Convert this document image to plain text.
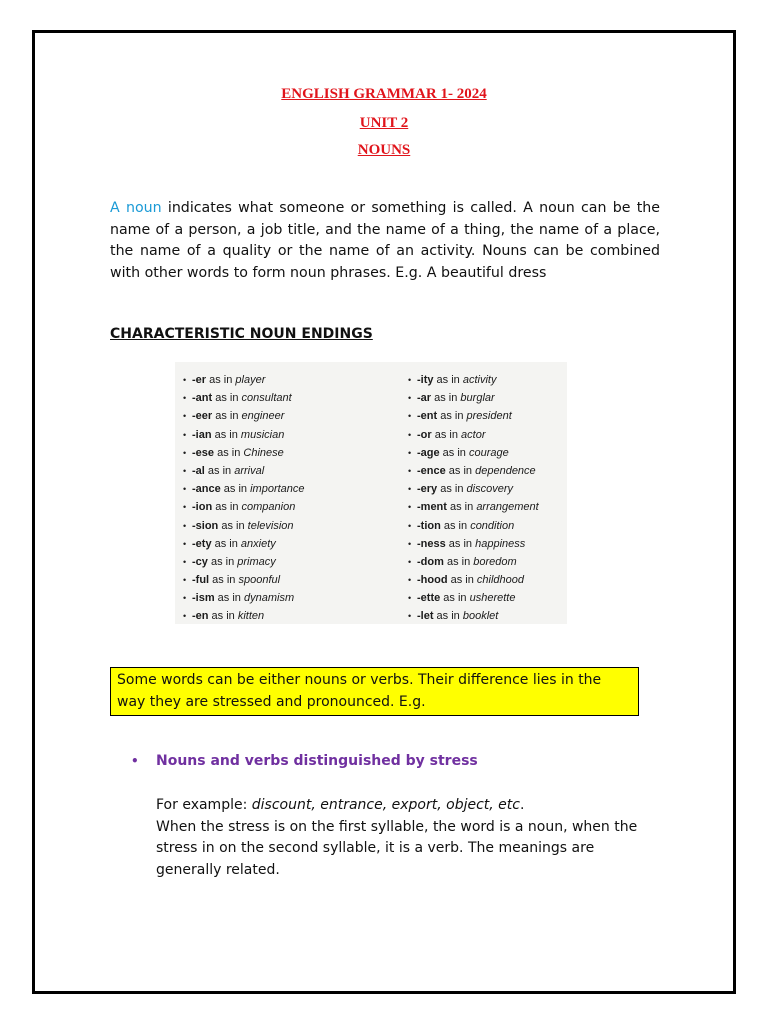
ENGLISH GRAMMAR 1- 2024
UNIT 2
NOUNS
A noun indicates what someone or something is called. A noun can be the name of a person, a job title, and the name of a thing, the name of a place, the name of a quality or the name of an activity. Nouns can be combined with other words to form noun phrases. E.g. A beautiful dress
CHARACTERISTIC NOUN ENDINGS
• -er as in player
• -ant as in consultant
• -eer as in engineer
• -ian as in musician
• -ese as in Chinese
• -al as in arrival
• -ance as in importance
• -ion as in companion
• -sion as in television
• -ety as in anxiety
• -cy as in primacy
• -ful as in spoonful
• -ism as in dynamism
• -en as in kitten
• -ity as in activity
• -ar as in burglar
• -ent as in president
• -or as in actor
• -age as in courage
• -ence as in dependence
• -ery as in discovery
• -ment as in arrangement
• -tion as in condition
• -ness as in happiness
• -dom as in boredom
• -hood as in childhood
• -ette as in usherette
• -let as in booklet
Some words can be either nouns or verbs. Their difference lies in the way they are stressed and pronounced. E.g.
• Nouns and verbs distinguished by stress
For example: discount, entrance, export, object, etc.
When the stress is on the first syllable, the word is a noun, when the stress in on the second syllable, it is a verb. The meanings are generally related.
